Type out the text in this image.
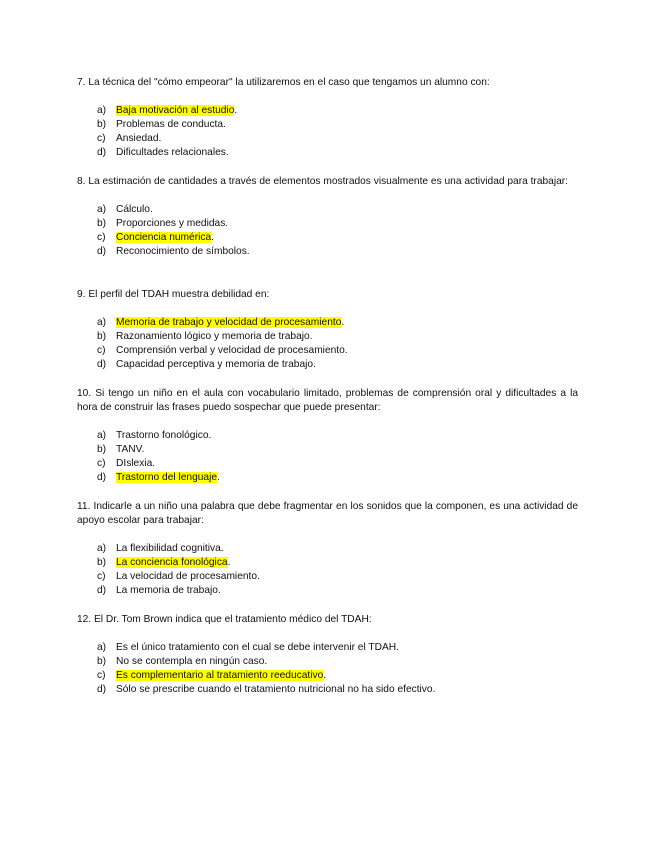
7. La técnica del "cómo empeorar" la utilizaremos en el caso que tengamos un alumno con:

a) Baja motivación al estudio.
b) Problemas de conducta.
c) Ansiedad.
d) Dificultades relacionales.

8. La estimación de cantidades a través de elementos mostrados visualmente es una actividad para trabajar:

a) Cálculo.
b) Proporciones y medidas.
c) Conciencia numérica.
d) Reconocimiento de símbolos.

9. El perfil del TDAH muestra debilidad en:

a) Memoria de trabajo y velocidad de procesamiento.
b) Razonamiento lógico y memoria de trabajo.
c) Comprensión verbal y velocidad de procesamiento.
d) Capacidad perceptiva y memoria de trabajo.

10. Si tengo un niño en el aula con vocabulario limitado, problemas de comprensión oral y dificultades a la hora de construir las frases puedo sospechar que puede presentar:

a) Trastorno fonológico.
b) TANV.
c) DIslexia.
d) Trastorno del lenguaje.

11. Indicarle a un niño una palabra que debe fragmentar en los sonidos que la componen, es una actividad de apoyo escolar para trabajar:

a) La flexibilidad cognitiva.
b) La conciencia fonológica.
c) La velocidad de procesamiento.
d) La memoria de trabajo.

12. El Dr. Tom Brown indica que el tratamiento médico del TDAH:

a) Es el único tratamiento con el cual se debe intervenir el TDAH.
b) No se contempla en ningún caso.
c) Es complementario al tratamiento reeducativo.
d) Sólo se prescribe cuando el tratamiento nutricional no ha sido efectivo.
